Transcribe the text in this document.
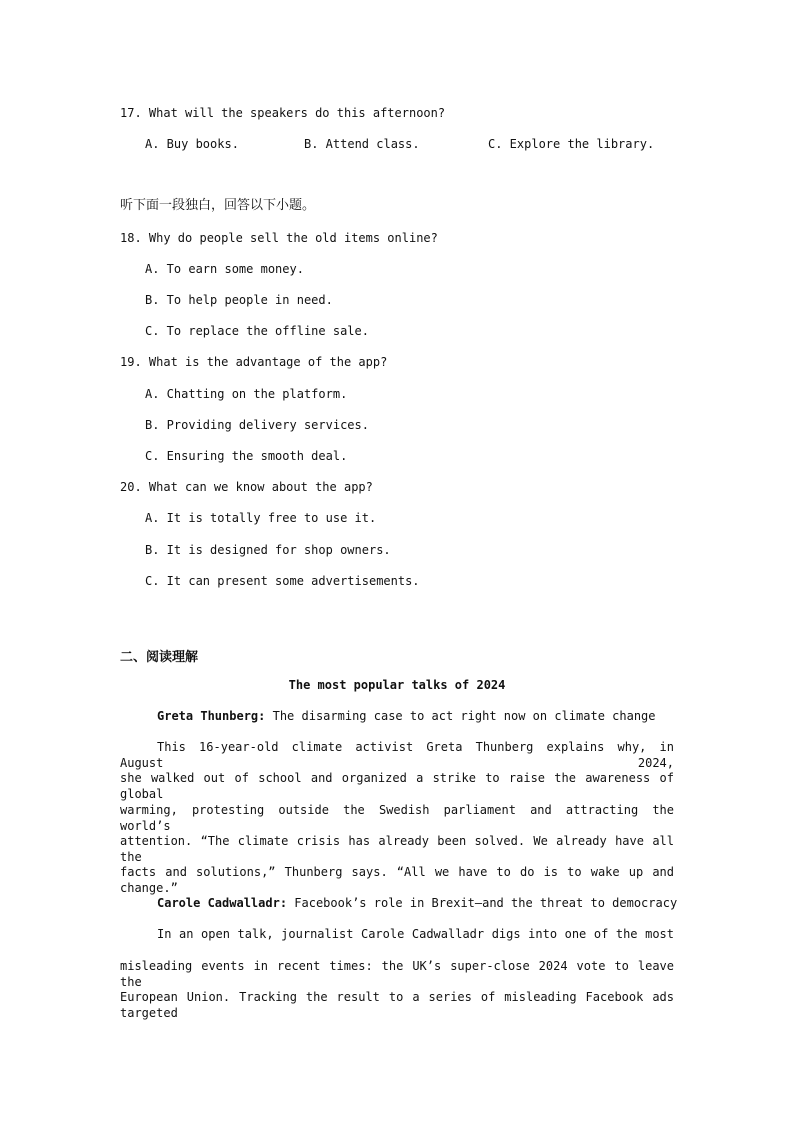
17. What will the speakers do this afternoon?
A. Buy books.	B. Attend class.	C. Explore the library.
听下面一段独白，回答以下小题。
18. Why do people sell the old items online?
A. To earn some money.
B. To help people in need.
C. To replace the offline sale.
19. What is the advantage of the app?
A. Chatting on the platform.
B. Providing delivery services.
C. Ensuring the smooth deal.
20. What can we know about the app?
A. It is totally free to use it.
B. It is designed for shop owners.
C. It can present some advertisements.
二、阅读理解
The most popular talks of 2024
Greta Thunberg: The disarming case to act right now on climate change
This 16-year-old climate activist Greta Thunberg explains why, in August 2024,
she walked out of school and organized a strike to raise the awareness of global
warming, protesting outside the Swedish parliament and attracting the world’s
attention. “The climate crisis has already been solved. We already have all the
facts and solutions,” Thunberg says. “All we have to do is to wake up and change.”
Carole Cadwalladr: Facebook’s role in Brexit—and the threat to democracy
In an open talk, journalist Carole Cadwalladr digs into one of the most
misleading events in recent times: the UK’s super-close 2024 vote to leave the
European Union. Tracking the result to a series of misleading Facebook ads targeted
